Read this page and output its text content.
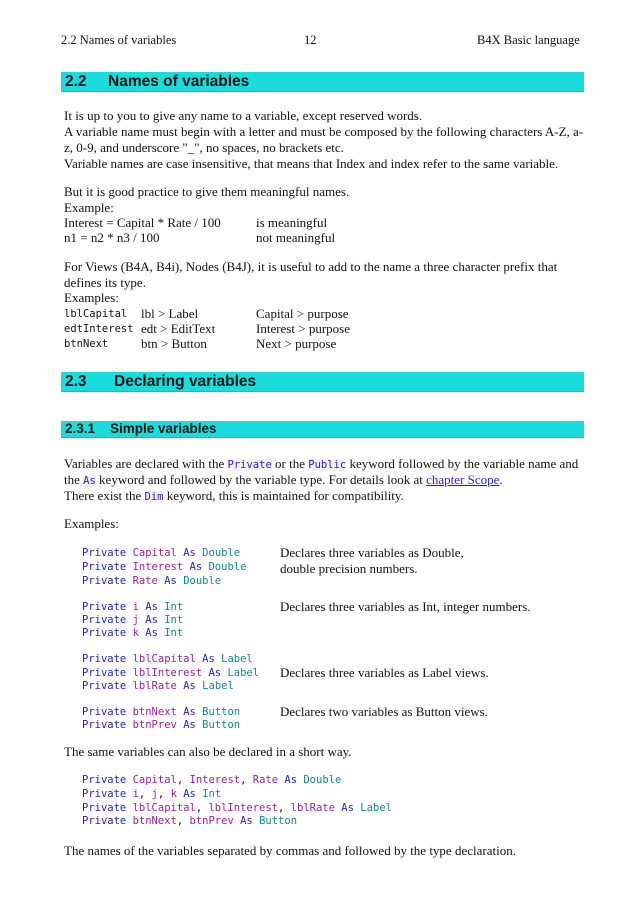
2.2 Names of variables	12	B4X Basic language
2.2 Names of variables
It is up to you to give any name to a variable, except reserved words.
A variable name must begin with a letter and must be composed by the following characters A-Z, a-
z, 0-9, and underscore "_", no spaces, no brackets etc.
Variable names are case insensitive, that means that Index and index refer to the same variable.
But it is good practice to give them meaningful names.
Example:
Interest = Capital * Rate / 100	is meaningful
n1 = n2 * n3 / 100	not meaningful
For Views (B4A, B4i), Nodes (B4J), it is useful to add to the name a three character prefix that
defines its type.
Examples:
lblCapital lbl > Label	Capital > purpose
edtInterest edt > EditText	Interest > purpose
btnNext	btn > Button	Next > purpose
2.3 Declaring variables
2.3.1 Simple variables
Variables are declared with the Private or the Public keyword followed by the variable name and
the As keyword and followed by the variable type. For details look at chapter Scope.
There exist the Dim keyword, this is maintained for compatibility.
Examples:
Private Capital As Double
Private Interest As Double
Private Rate As Double
Declares three variables as Double,
double precision numbers.
Private i As Int
Private j As Int
Private k As Int
Declares three variables as Int, integer numbers.
Private lblCapital As Label
Private lblInterest As Label
Private lblRate As Label
Declares three variables as Label views.
Private btnNext As Button
Private btnPrev As Button
Declares two variables as Button views.
The same variables can also be declared in a short way.
Private Capital, Interest, Rate As Double
Private i, j, k As Int
Private lblCapital, lblInterest, lblRate As Label
Private btnNext, btnPrev As Button
The names of the variables separated by commas and followed by the type declaration.
